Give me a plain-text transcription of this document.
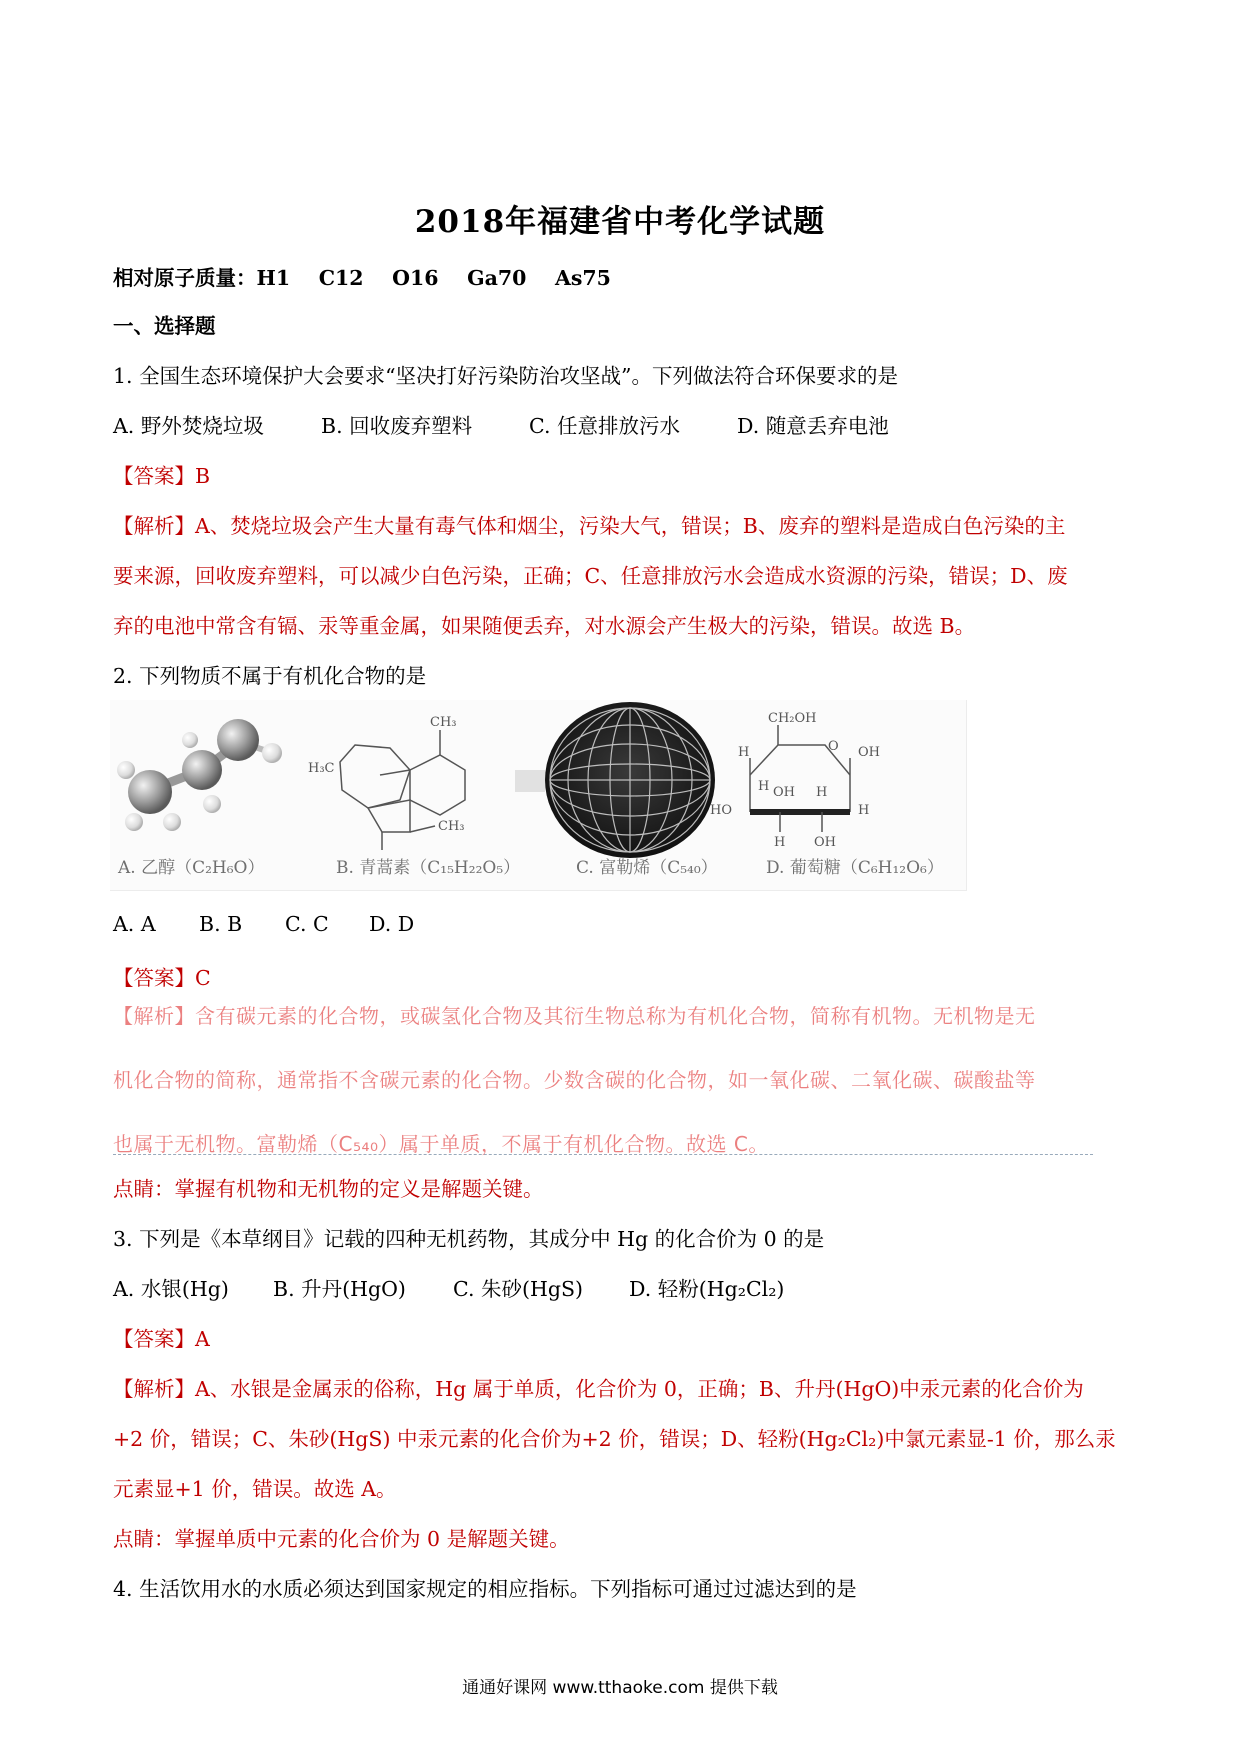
2018年福建省中考化学试题
相对原子质量：H1 C12 O16 Ga70 As75
一、选择题
1. 全国生态环境保护大会要求“坚决打好污染防治攻坚战”。下列做法符合环保要求的是
A. 野外焚烧垃圾	B. 回收废弃塑料	C. 任意排放污水	D. 随意丢弃电池
【答案】B
【解析】A、焚烧垃圾会产生大量有毒气体和烟尘，污染大气，错误；B、废弃的塑料是造成白色污染的主
要来源，回收废弃塑料，可以减少白色污染，正确；C、任意排放污水会造成水资源的污染，错误；D、废
弃的电池中常含有镉、汞等重金属，如果随便丢弃，对水源会产生极大的污染，错误。故选 B。
2. 下列物质不属于有机化合物的是
CH₃
H₃C
CH₃
CH₂OH
O
H
H
OH
OH H
HO	H
H OH
A. 乙醇（C₂H₆O）	B. 青蒿素（C₁₅H₂₂O₅）	C. 富勒烯（C₅₄₀）	D. 葡萄糖（C₆H₁₂O₆）
A. A B. B C. C D. D
【答案】C
【解析】含有碳元素的化合物，或碳氢化合物及其衍生物总称为有机化合物，简称有机物。无机物是无
机化合物的简称，通常指不含碳元素的化合物。少数含碳的化合物，如一氧化碳、二氧化碳、碳酸盐等
也属于无机物。富勒烯（C₅₄₀）属于单质，不属于有机化合物。故选 C。
点睛：掌握有机物和无机物的定义是解题关键。
3. 下列是《本草纲目》记载的四种无机药物，其成分中 Hg 的化合价为 0 的是
A. 水银(Hg) B. 升丹(HgO) C. 朱砂(HgS) D. 轻粉(Hg₂Cl₂)
【答案】A
【解析】A、水银是金属汞的俗称，Hg 属于单质，化合价为 0，正确；B、升丹(HgO)中汞元素的化合价为
+2 价，错误；C、朱砂(HgS) 中汞元素的化合价为+2 价，错误；D、轻粉(Hg₂Cl₂)中氯元素显-1 价，那么汞
元素显+1 价，错误。故选 A。
点睛：掌握单质中元素的化合价为 0 是解题关键。
4. 生活饮用水的水质必须达到国家规定的相应指标。下列指标可通过过滤达到的是
通通好课网 www.tthaoke.com 提供下载
